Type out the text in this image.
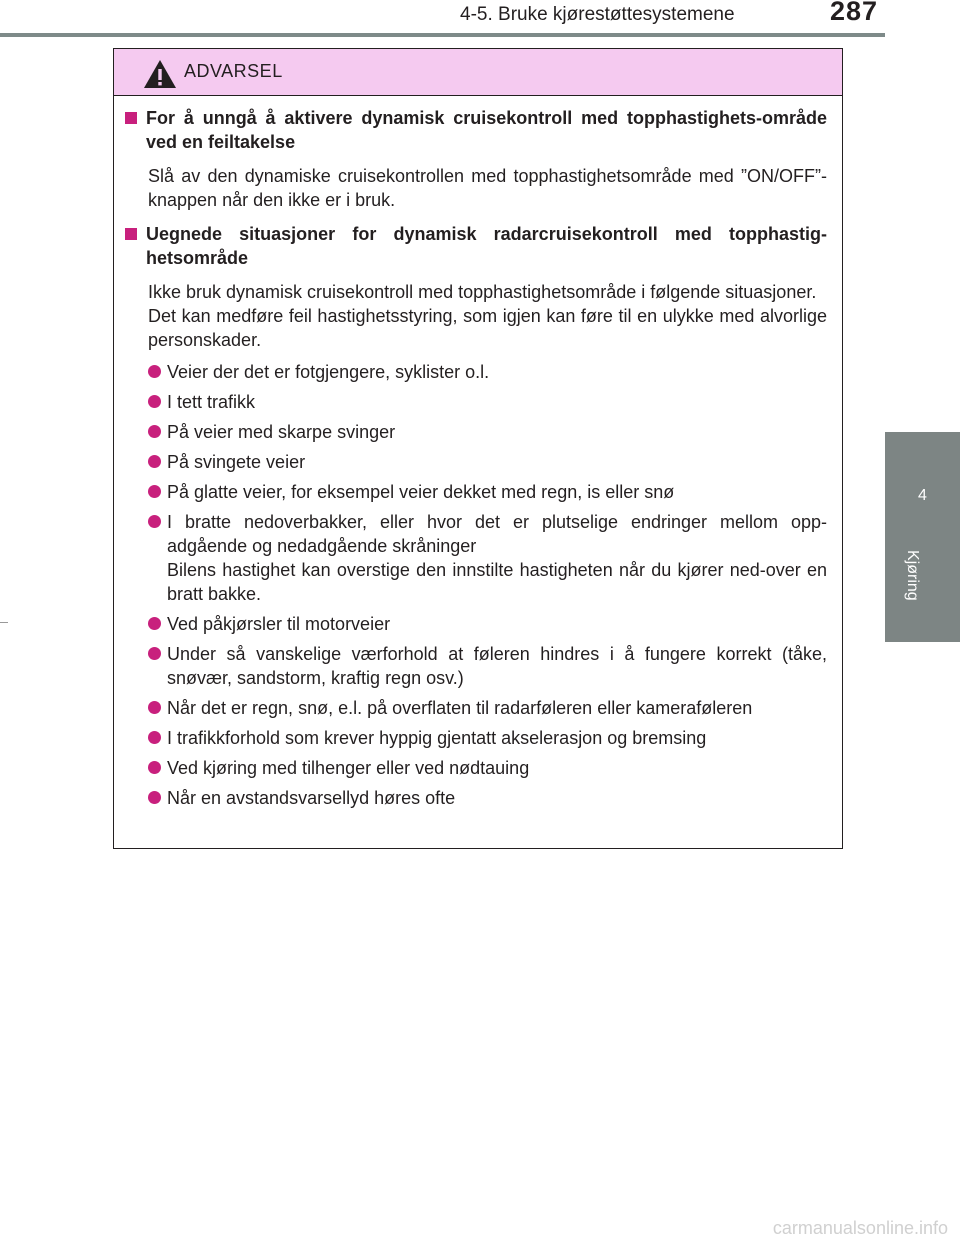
4-5. Bruke kjørestøttesystemene	287
4
Kjøring
ADVARSEL
For å unngå å aktivere dynamisk cruisekontroll med topphastighets-område ved en feiltakelse
Slå av den dynamiske cruisekontrollen med topphastighetsområde med ”ON/OFF”-knappen når den ikke er i bruk.
Uegnede situasjoner for dynamisk radarcruisekontroll med topphastig-hetsområde
Ikke bruk dynamisk cruisekontroll med topphastighetsområde i følgende situasjoner.
Det kan medføre feil hastighetsstyring, som igjen kan føre til en ulykke med alvorlige personskader.
Veier der det er fotgjengere, syklister o.l.
I tett trafikk
På veier med skarpe svinger
På svingete veier
På glatte veier, for eksempel veier dekket med regn, is eller snø
I bratte nedoverbakker, eller hvor det er plutselige endringer mellom opp-adgående og nedadgående skråninger
Bilens hastighet kan overstige den innstilte hastigheten når du kjører ned-over en bratt bakke.
Ved påkjørsler til motorveier
Under så vanskelige værforhold at føleren hindres i å fungere korrekt (tåke, snøvær, sandstorm, kraftig regn osv.)
Når det er regn, snø, e.l. på overflaten til radarføleren eller kameraføleren
I trafikkforhold som krever hyppig gjentatt akselerasjon og bremsing
Ved kjøring med tilhenger eller ved nødtauing
Når en avstandsvarsellyd høres ofte
carmanualsonline.info
